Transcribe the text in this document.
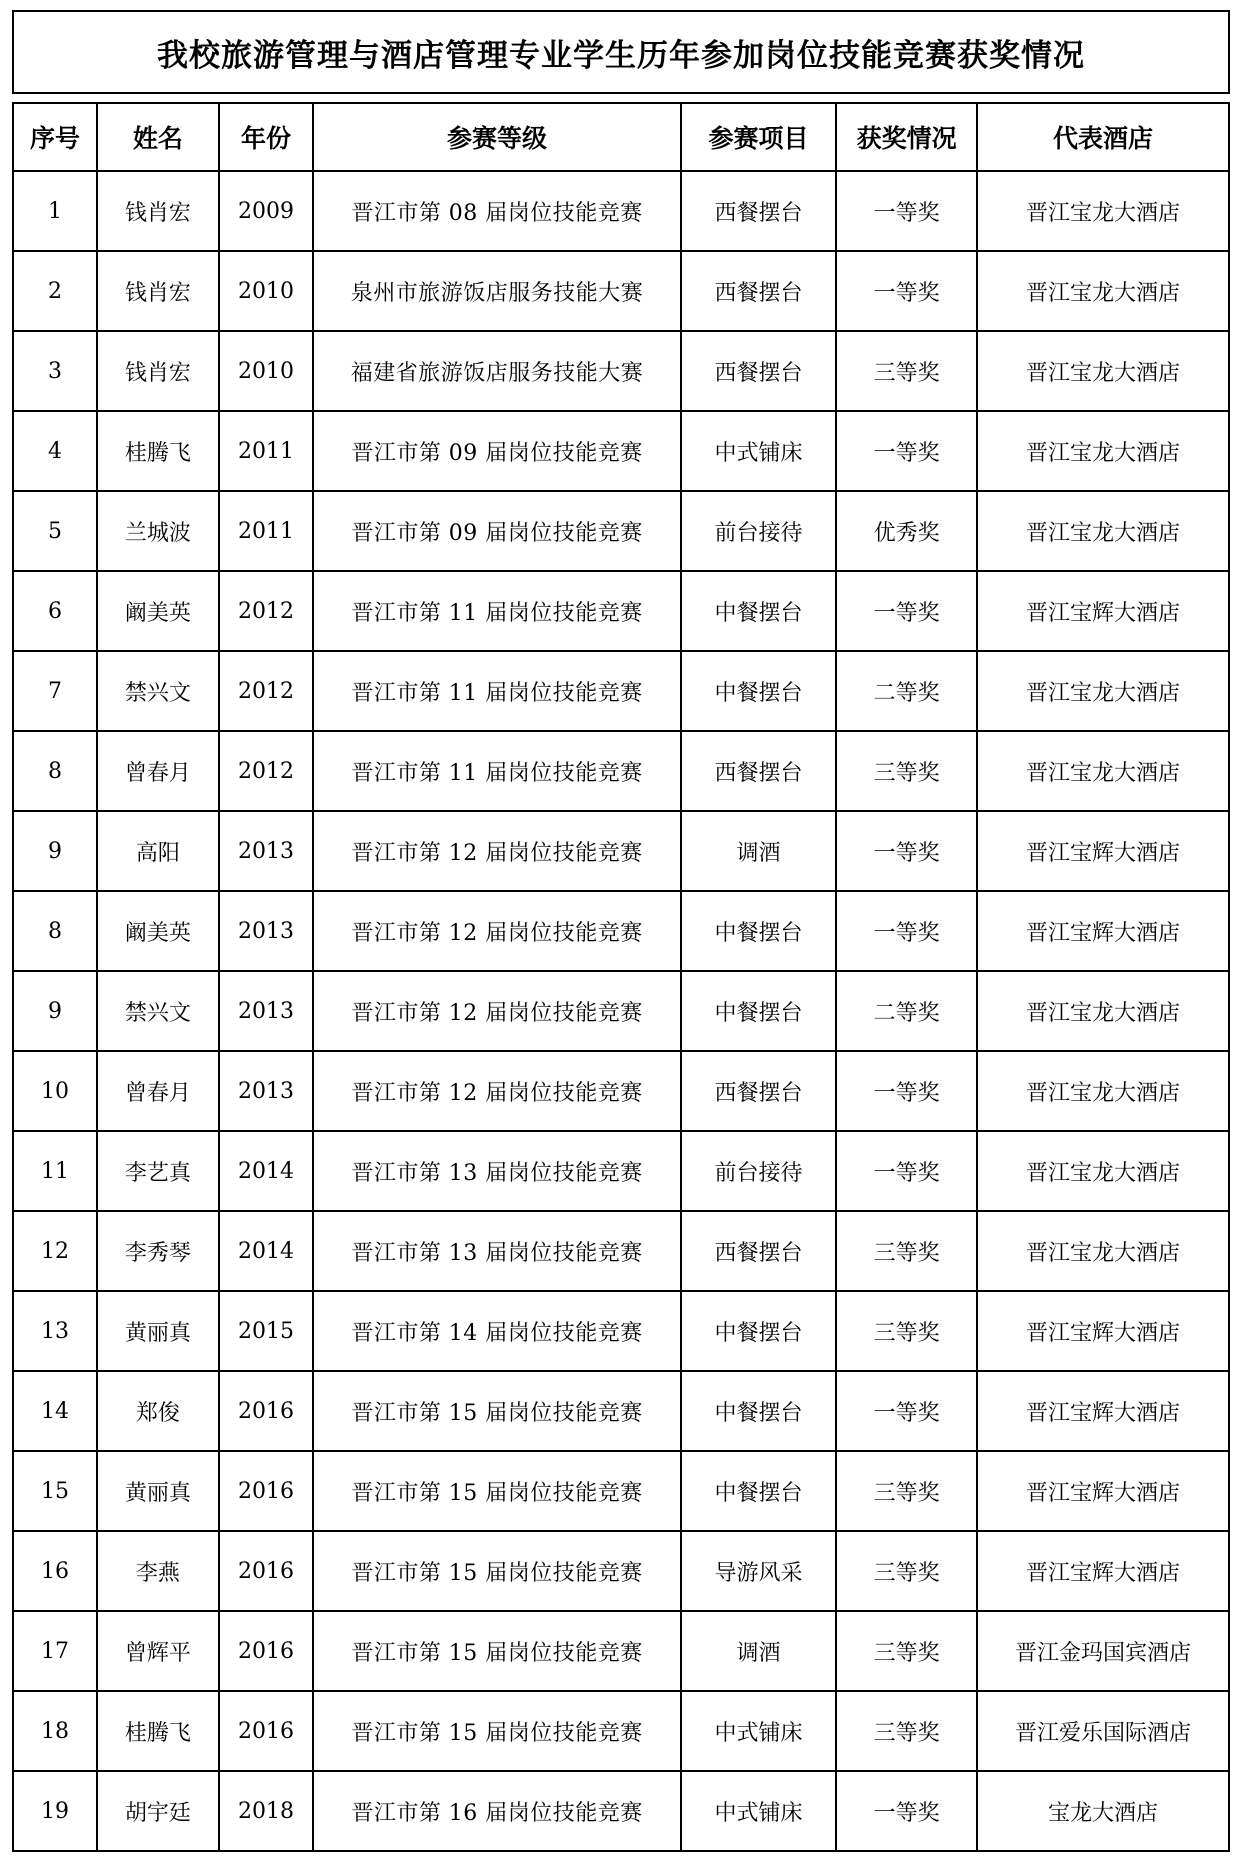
我校旅游管理与酒店管理专业学生历年参加岗位技能竞赛获奖情况
序号	姓名	年份	参赛等级	参赛项目	获奖情况	代表酒店
1	钱肖宏	2009	晋江市第 08 届岗位技能竞赛	西餐摆台	一等奖	晋江宝龙大酒店
2	钱肖宏	2010	泉州市旅游饭店服务技能大赛	西餐摆台	一等奖	晋江宝龙大酒店
3	钱肖宏	2010	福建省旅游饭店服务技能大赛	西餐摆台	三等奖	晋江宝龙大酒店
4	桂腾飞	2011	晋江市第 09 届岗位技能竞赛	中式铺床	一等奖	晋江宝龙大酒店
5	兰城波	2011	晋江市第 09 届岗位技能竞赛	前台接待	优秀奖	晋江宝龙大酒店
6	阚美英	2012	晋江市第 11 届岗位技能竞赛	中餐摆台	一等奖	晋江宝辉大酒店
7	禁兴文	2012	晋江市第 11 届岗位技能竞赛	中餐摆台	二等奖	晋江宝龙大酒店
8	曾春月	2012	晋江市第 11 届岗位技能竞赛	西餐摆台	三等奖	晋江宝龙大酒店
9	高阳	2013	晋江市第 12 届岗位技能竞赛	调酒	一等奖	晋江宝辉大酒店
8	阚美英	2013	晋江市第 12 届岗位技能竞赛	中餐摆台	一等奖	晋江宝辉大酒店
9	禁兴文	2013	晋江市第 12 届岗位技能竞赛	中餐摆台	二等奖	晋江宝龙大酒店
10	曾春月	2013	晋江市第 12 届岗位技能竞赛	西餐摆台	一等奖	晋江宝龙大酒店
11	李艺真	2014	晋江市第 13 届岗位技能竞赛	前台接待	一等奖	晋江宝龙大酒店
12	李秀琴	2014	晋江市第 13 届岗位技能竞赛	西餐摆台	三等奖	晋江宝龙大酒店
13	黄丽真	2015	晋江市第 14 届岗位技能竞赛	中餐摆台	三等奖	晋江宝辉大酒店
14	郑俊	2016	晋江市第 15 届岗位技能竞赛	中餐摆台	一等奖	晋江宝辉大酒店
15	黄丽真	2016	晋江市第 15 届岗位技能竞赛	中餐摆台	三等奖	晋江宝辉大酒店
16	李燕	2016	晋江市第 15 届岗位技能竞赛	导游风采	三等奖	晋江宝辉大酒店
17	曾辉平	2016	晋江市第 15 届岗位技能竞赛	调酒	三等奖	晋江金玛国宾酒店
18	桂腾飞	2016	晋江市第 15 届岗位技能竞赛	中式铺床	三等奖	晋江爱乐国际酒店
19	胡宇廷	2018	晋江市第 16 届岗位技能竞赛	中式铺床	一等奖	宝龙大酒店
